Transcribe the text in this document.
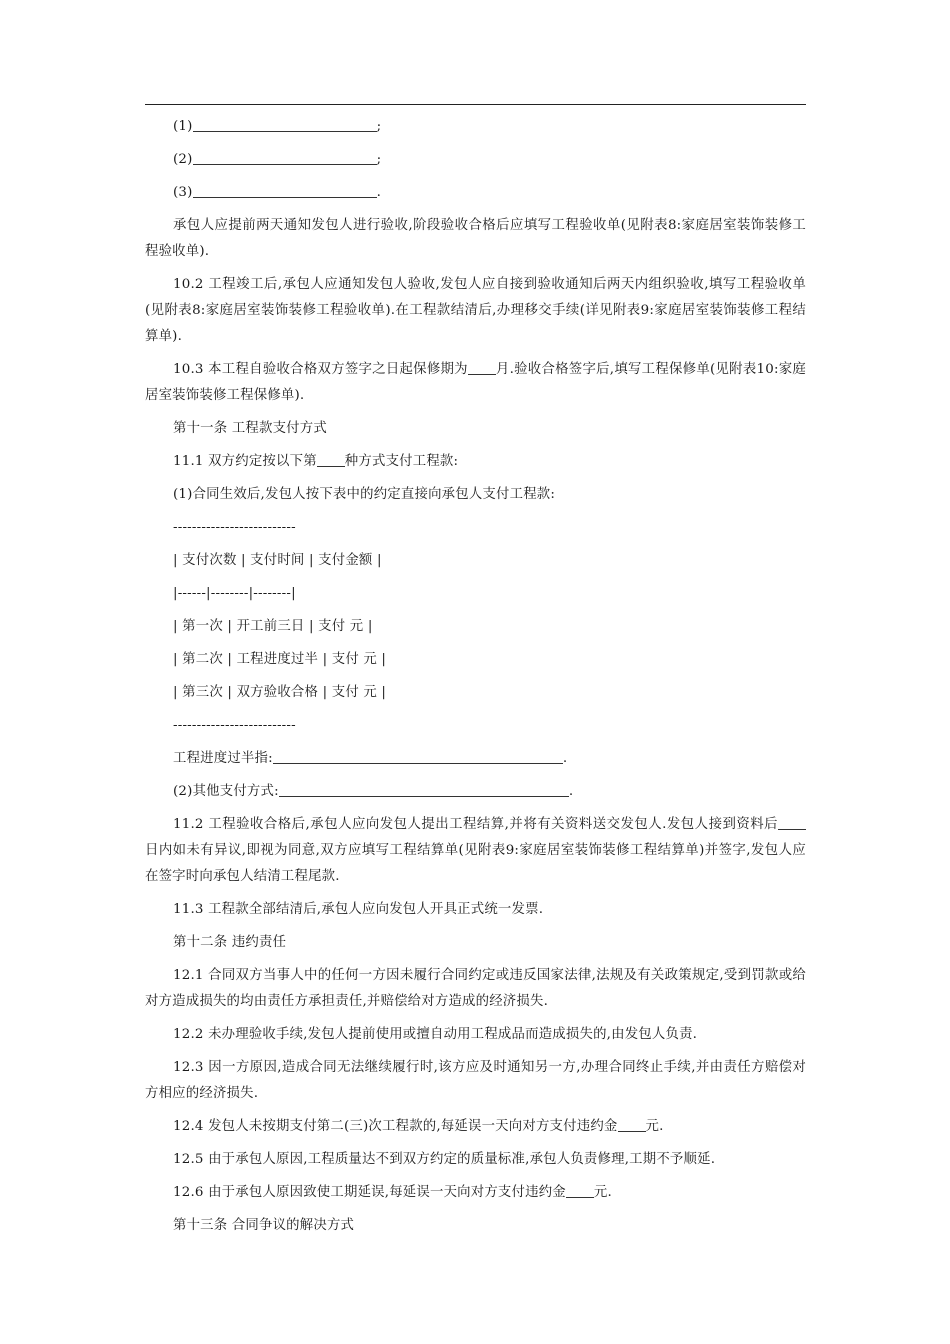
(1)	;

(2)	;

(3)	.

承包人应提前两天通知发包人进行验收,阶段验收合格后应填写工程验收单(见附表8:家庭居室装饰装修工程验收单).

10.2 工程竣工后,承包人应通知发包人验收,发包人应自接到验收通知后两天内组织验收,填写工程验收单(见附表8:家庭居室装饰装修工程验收单).在工程款结清后,办理移交手续(详见附表9:家庭居室装饰装修工程结算单).

10.3 本工程自验收合格双方签字之日起保修期为 月.验收合格签字后,填写工程保修单(见附表10:家庭居室装饰装修工程保修单).

第十一条 工程款支付方式

11.1 双方约定按以下第 种方式支付工程款:

(1)合同生效后,发包人按下表中的约定直接向承包人支付工程款:

--------------------------

| 支付次数 | 支付时间 | 支付金额 |

|------|--------|--------|

| 第一次 | 开工前三日 | 支付 元 |

| 第二次 | 工程进度过半 | 支付 元 |

| 第三次 | 双方验收合格 | 支付 元 |

--------------------------

工程进度过半指:	.

(2)其他支付方式:	.

11.2 工程验收合格后,承包人应向发包人提出工程结算,并将有关资料送交发包人.发包人接到资料后日内如未有异议,即视为同意,双方应填写工程结算单(见附表9:家庭居室装饰装修工程结算单)并签字,发包人应在签字时向承包人结清工程尾款.

11.3 工程款全部结清后,承包人应向发包人开具正式统一发票.

第十二条 违约责任

12.1 合同双方当事人中的任何一方因未履行合同约定或违反国家法律,法规及有关政策规定,受到罚款或给对方造成损失的均由责任方承担责任,并赔偿给对方造成的经济损失.

12.2 未办理验收手续,发包人提前使用或擅自动用工程成品而造成损失的,由发包人负责.

12.3 因一方原因,造成合同无法继续履行时,该方应及时通知另一方,办理合同终止手续,并由责任方赔偿对方相应的经济损失.

12.4 发包人未按期支付第二(三)次工程款的,每延误一天向对方支付违约金 元.

12.5 由于承包人原因,工程质量达不到双方约定的质量标准,承包人负责修理,工期不予顺延.

12.6 由于承包人原因致使工期延误,每延误一天向对方支付违约金 元.

第十三条 合同争议的解决方式
